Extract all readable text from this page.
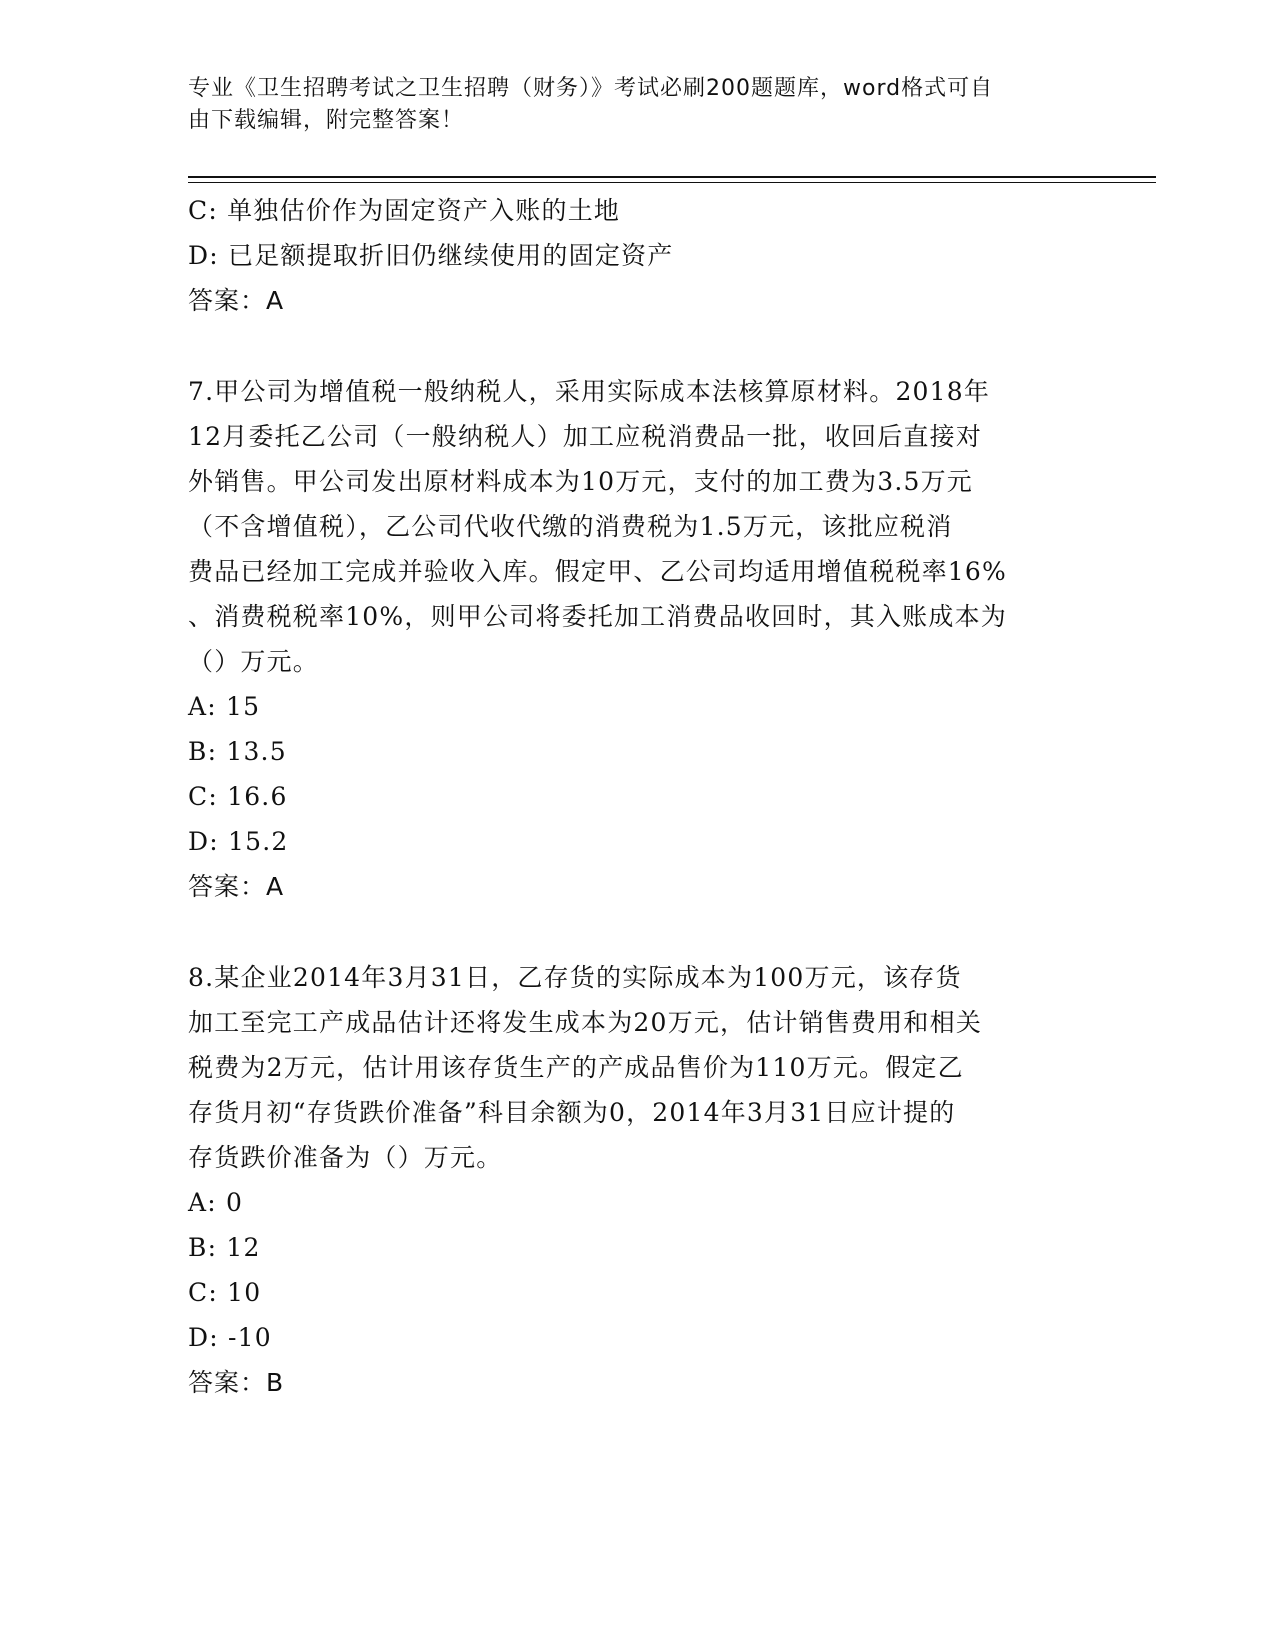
专业《卫生招聘考试之卫生招聘（财务）》考试必刷200题题库，word格式可自
由下载编辑，附完整答案！
C: 单独估价作为固定资产入账的土地
D: 已足额提取折旧仍继续使用的固定资产
答案：A
7.甲公司为增值税一般纳税人，采用实际成本法核算原材料。2018年
12月委托乙公司（一般纳税人）加工应税消费品一批，收回后直接对
外销售。甲公司发出原材料成本为10万元，支付的加工费为3.5万元
（不含增值税），乙公司代收代缴的消费税为1.5万元，该批应税消
费品已经加工完成并验收入库。假定甲、乙公司均适用增值税税率16%
、消费税税率10%，则甲公司将委托加工消费品收回时，其入账成本为
（）万元。
A: 15
B: 13.5
C: 16.6
D: 15.2
答案：A
8.某企业2014年3月31日，乙存货的实际成本为100万元，该存货
加工至完工产成品估计还将发生成本为20万元，估计销售费用和相关
税费为2万元，估计用该存货生产的产成品售价为110万元。假定乙
存货月初“存货跌价准备”科目余额为0，2014年3月31日应计提的
存货跌价准备为（）万元。
A: 0
B: 12
C: 10
D: -10
答案：B
